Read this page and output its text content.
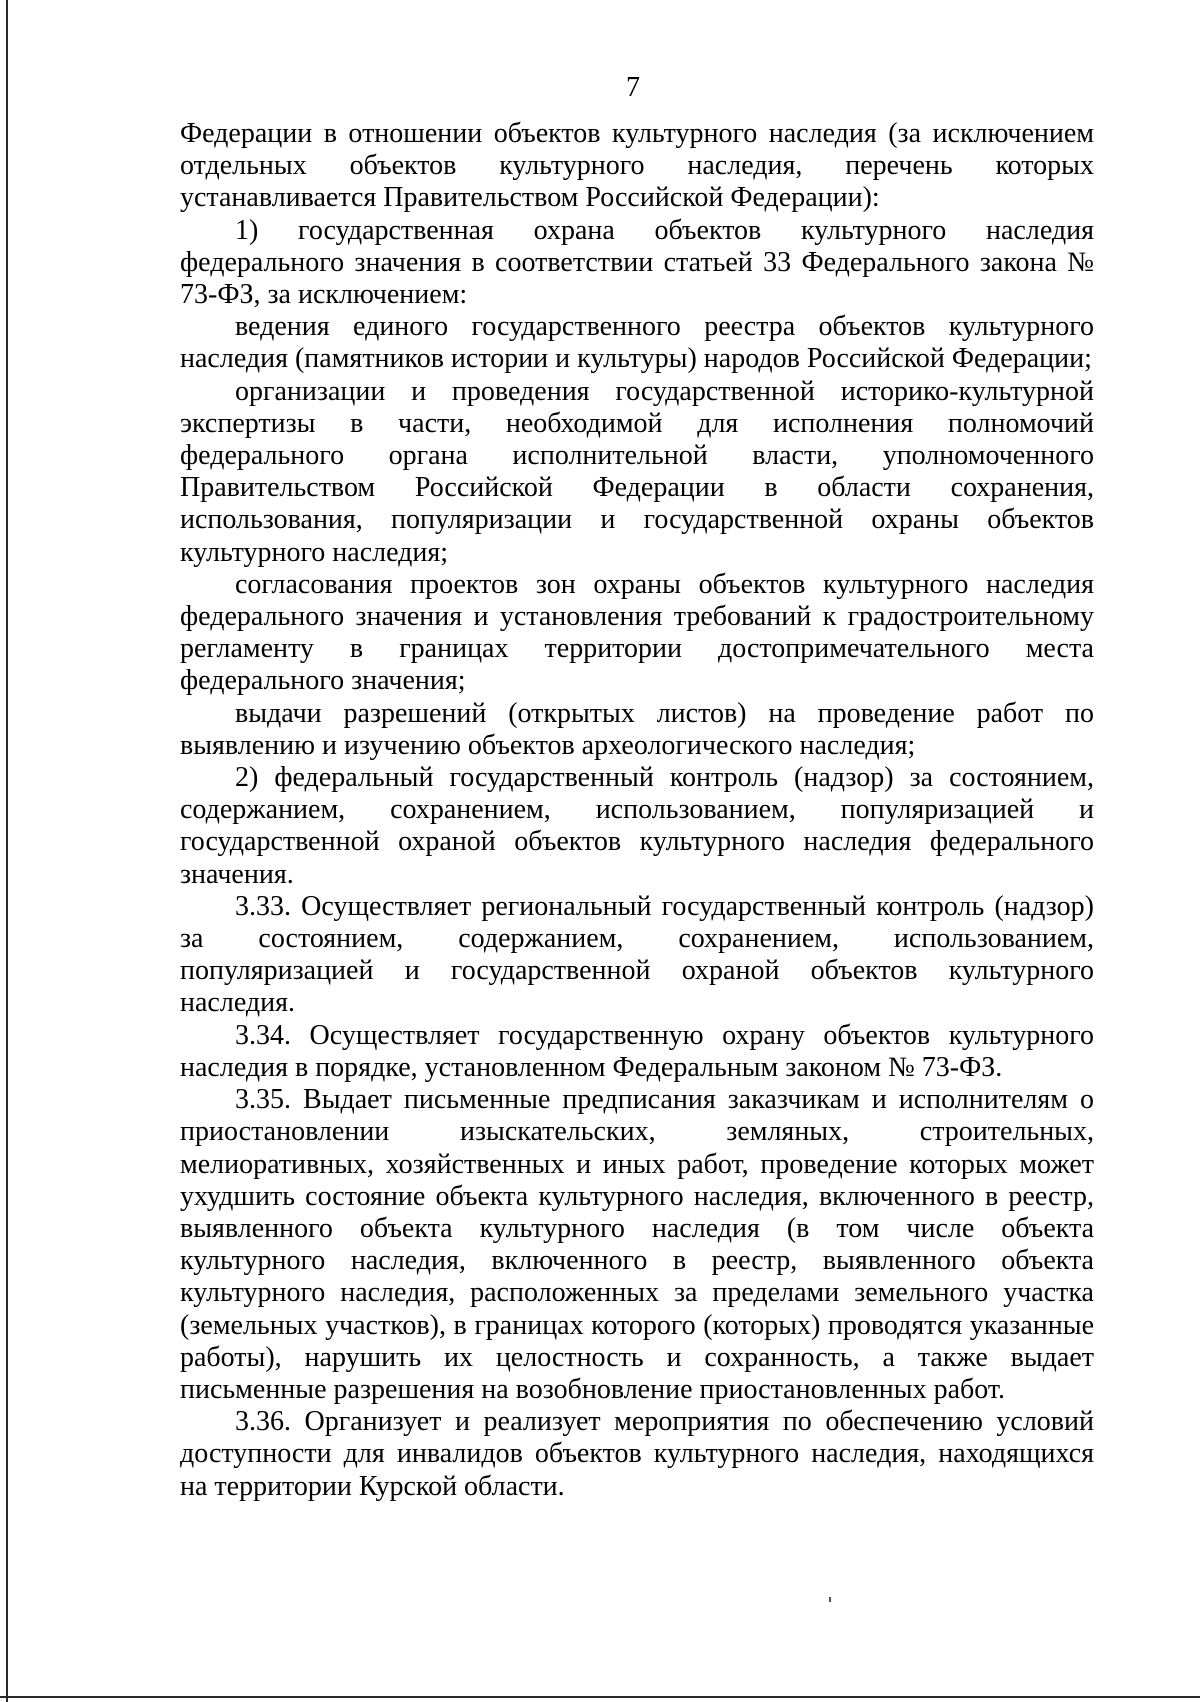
7

Федерации в отношении объектов культурного наследия (за исключением отдельных объектов культурного наследия, перечень которых устанавливается Правительством Российской Федерации):

1) государственная охрана объектов культурного наследия федерального значения в соответствии статьей 33 Федерального закона № 73-ФЗ, за исключением:

ведения единого государственного реестра объектов культурного наследия (памятников истории и культуры) народов Российской Федерации;

организации и проведения государственной историко-культурной экспертизы в части, необходимой для исполнения полномочий федерального органа исполнительной власти, уполномоченного Правительством Российской Федерации в области сохранения, использования, популяризации и государственной охраны объектов культурного наследия;

согласования проектов зон охраны объектов культурного наследия федерального значения и установления требований к градостроительному регламенту в границах территории достопримечательного места федерального значения;

выдачи разрешений (открытых листов) на проведение работ по выявлению и изучению объектов археологического наследия;

2) федеральный государственный контроль (надзор) за состоянием, содержанием, сохранением, использованием, популяризацией и государственной охраной объектов культурного наследия федерального значения.

3.33. Осуществляет региональный государственный контроль (надзор) за состоянием, содержанием, сохранением, использованием, популяризацией и государственной охраной объектов культурного наследия.

3.34. Осуществляет государственную охрану объектов культурного наследия в порядке, установленном Федеральным законом № 73-ФЗ.

3.35. Выдает письменные предписания заказчикам и исполнителям о приостановлении изыскательских, земляных, строительных, мелиоративных, хозяйственных и иных работ, проведение которых может ухудшить состояние объекта культурного наследия, включенного в реестр, выявленного объекта культурного наследия (в том числе объекта культурного наследия, включенного в реестр, выявленного объекта культурного наследия, расположенных за пределами земельного участка (земельных участков), в границах которого (которых) проводятся указанные работы), нарушить их целостность и сохранность, а также выдает письменные разрешения на возобновление приостановленных работ.

3.36. Организует и реализует мероприятия по обеспечению условий доступности для инвалидов объектов культурного наследия, находящихся на территории Курской области.
